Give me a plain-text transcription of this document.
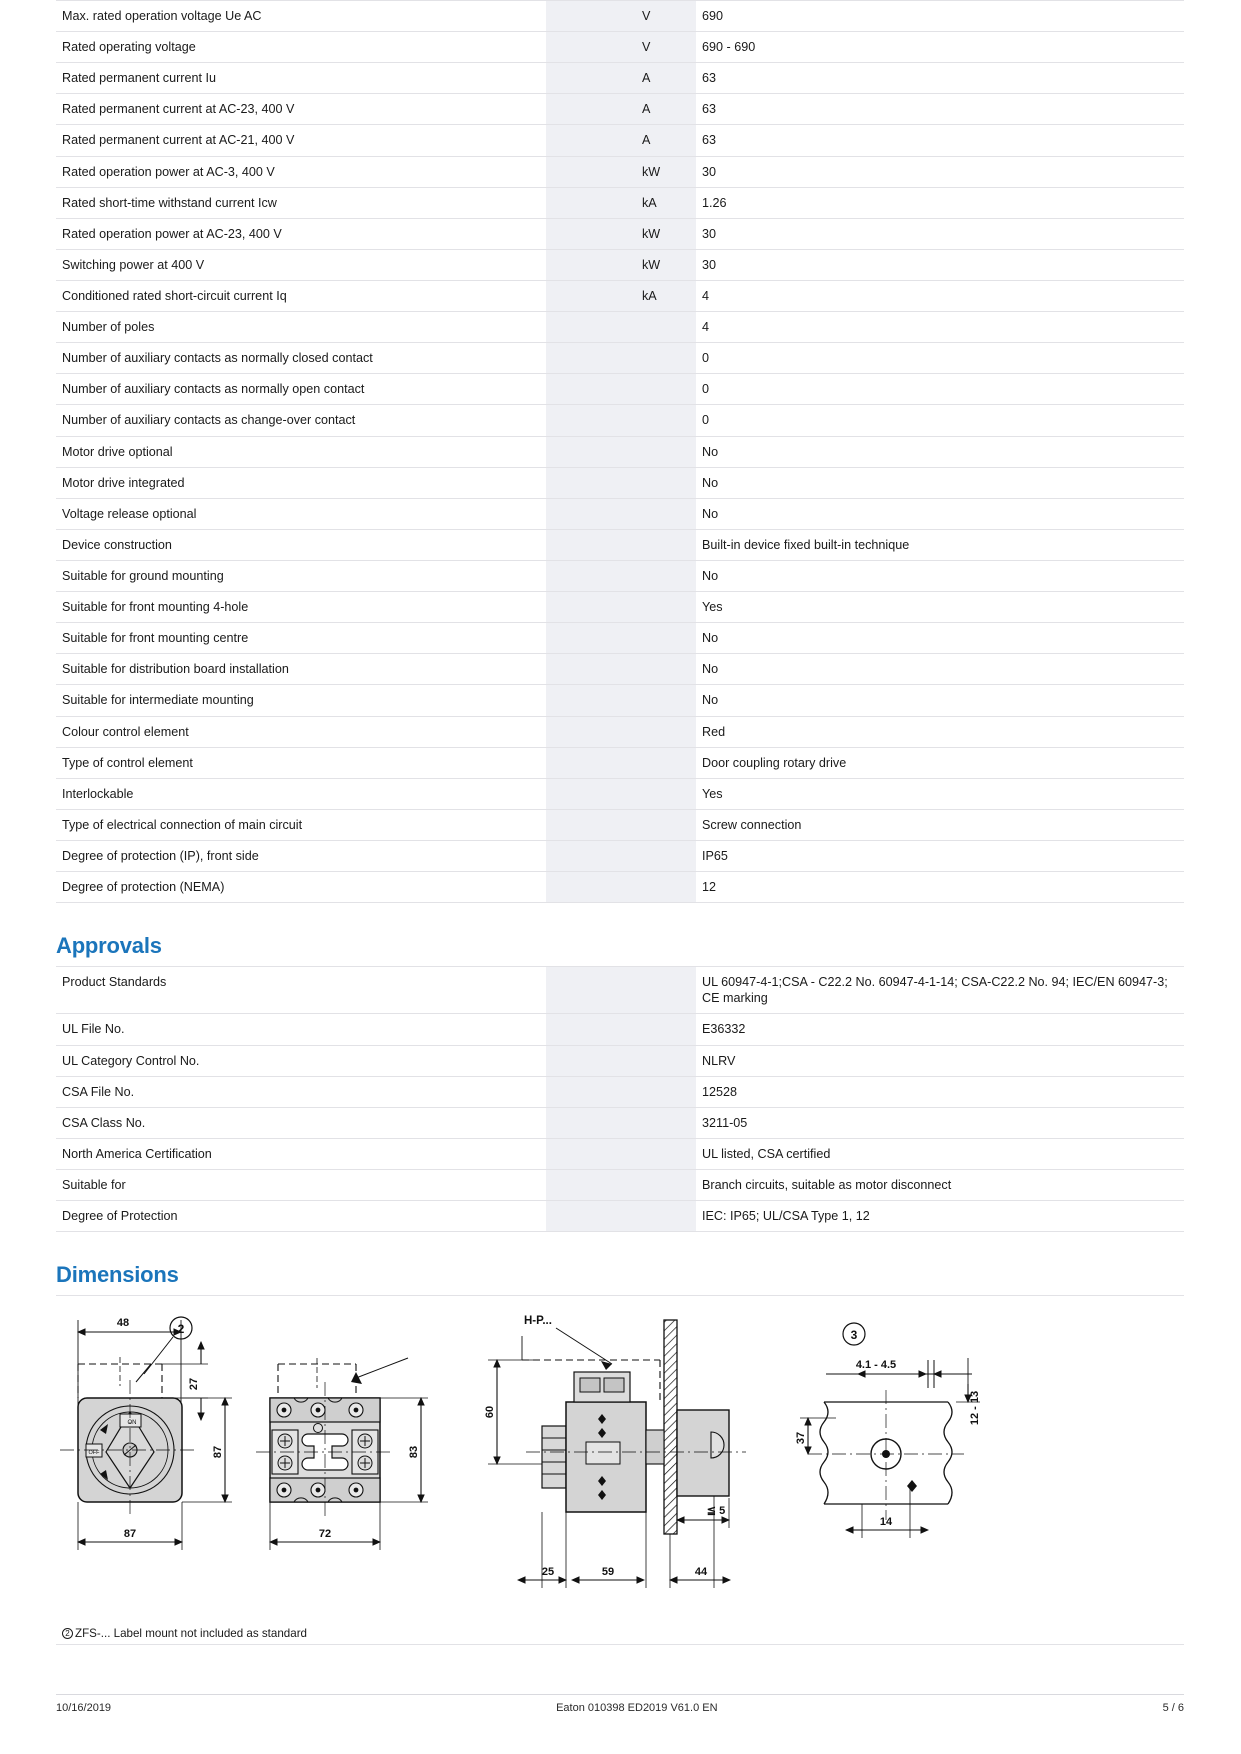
Max. rated operation voltage Ue AC		V	690
Rated operating voltage		V	690 - 690
Rated permanent current Iu		A	63
Rated permanent current at AC-23, 400 V		A	63
Rated permanent current at AC-21, 400 V		A	63
Rated operation power at AC-3, 400 V		kW	30
Rated short-time withstand current Icw		kA	1.26
Rated operation power at AC-23, 400 V		kW	30
Switching power at 400 V		kW	30
Conditioned rated short-circuit current Iq		kA	4
Number of poles			4
Number of auxiliary contacts as normally closed contact			0
Number of auxiliary contacts as normally open contact			0
Number of auxiliary contacts as change-over contact			0
Motor drive optional			No
Motor drive integrated			No
Voltage release optional			No
Device construction			Built-in device fixed built-in technique
Suitable for ground mounting			No
Suitable for front mounting 4-hole			Yes
Suitable for front mounting centre			No
Suitable for distribution board installation			No
Suitable for intermediate mounting			No
Colour control element			Red
Type of control element			Door coupling rotary drive
Interlockable			Yes
Type of electrical connection of main circuit			Screw connection
Degree of protection (IP), front side			IP65
Degree of protection (NEMA)			12
Approvals
Product Standards			UL 60947-4-1;CSA - C22.2 No. 60947-4-1-14; CSA-C22.2 No. 94; IEC/EN 60947-3; CE marking
UL File No.			E36332
UL Category Control No.			NLRV
CSA File No.			12528
CSA Class No.			3211-05
North America Certification			UL listed, CSA certified
Suitable for			Branch circuits, suitable as motor disconnect
Degree of Protection			IEC: IP65; UL/CSA Type 1, 12
Dimensions
48	2
27
ON
OFF	87
87
83
72
H-P...
60
≦ 5
25	59	44
3
4.1 - 4.5
12 - 13
37
14
2 ZFS-... Label mount not included as standard
10/16/2019	Eaton 010398 ED2019 V61.0 EN	5 / 6
